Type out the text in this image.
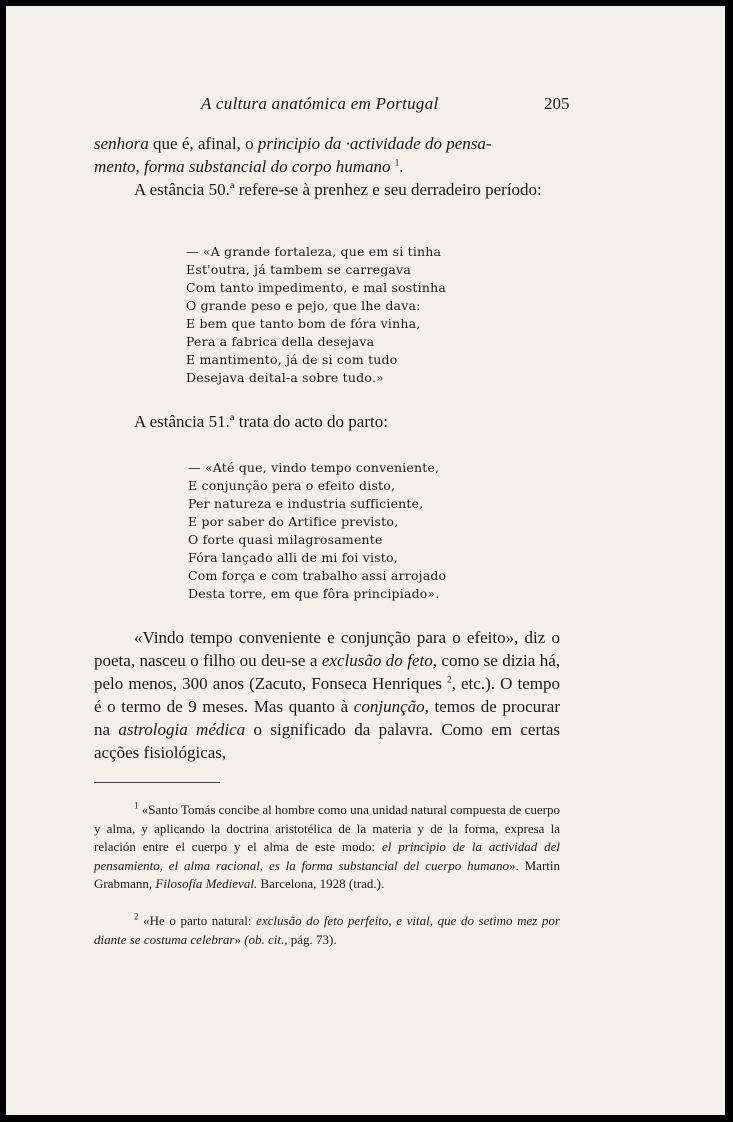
A cultura anatómica em Portugal	205
senhora que é, afinal, o principio da ·actividade do pensa-
mento, forma substancial do corpo humano $^1$.
A estância 50.ª refere-se à prenhez e seu derradeiro período:
— «A grande fortaleza, que em si tinha
Est'outra, já tambem se carregava
Com tanto impedimento, e mal sostinha
O grande peso e pejo, que lhe dava:
E bem que tanto bom de fóra vinha,
Pera a fabrica della desejava
E mantimento, já de si com tudo
Desejava deital-a sobre tudo.»
A estância 51.ª trata do acto do parto:
— «Até que, vindo tempo conveniente,
E conjunção pera o efeito disto,
Per natureza e industria sufficiente,
E por saber do Artifice previsto,
O forte quasi milagrosamente
Fóra lançado alli de mi foi visto,
Com força e com trabalho assi arrojado
Desta torre, em que fôra principiado».
«Vindo tempo conveniente e conjunção para o efeito», diz o poeta, nasceu o filho ou deu-se a exclusão do feto, como se dizia há, pelo menos, 300 anos (Zacuto, Fonseca Henriques $^2$, etc.). O tempo é o termo de 9 meses. Mas quanto à conjunção, temos de procurar na astrologia médica o significado da palavra. Como em certas acções fisiológicas,
$^1$ «Santo Tomás concibe al hombre como una unidad natural compuesta de cuerpo y alma, y aplicando la doctrina aristotélica de la materia y de la forma, expresa la relación entre el cuerpo y el alma de este modo: el principio de la actividad del pensamiento, el alma racional, es la forma substancial del cuerpo humano». Martin Grabmann, Filosofía Medieval. Barcelona, 1928 (trad.).
$^2$ «He o parto natural: exclusão do feto perfeito, e vital, que do setimo mez por diante se costuma celebrar» (ob. cit., pág. 73).
